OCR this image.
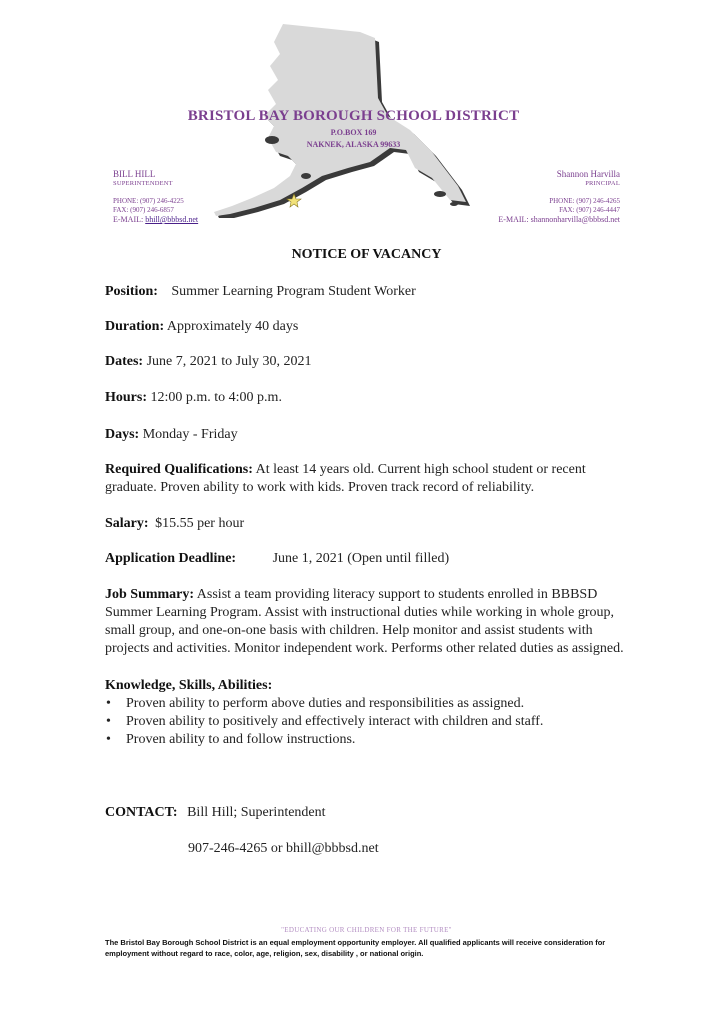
BRISTOL BAY BOROUGH SCHOOL DISTRICT
P.O.BOX 169
NAKNEK, ALASKA 99633
BILL HILL
SUPERINTENDENT
PHONE: (907) 246-4225
FAX: (907) 246-6857
E-MAIL: bhill@bbbsd.net
Shannon Harvilla
PRINCIPAL
PHONE: (907) 246-4265
FAX: (907) 246-4447
E-MAIL: shannonharvilla@bbbsd.net
NOTICE OF VACANCY
Position: Summer Learning Program Student Worker
Duration: Approximately 40 days
Dates: June 7, 2021 to July 30, 2021
Hours: 12:00 p.m. to 4:00 p.m.
Days: Monday - Friday
Required Qualifications: At least 14 years old. Current high school student or recent graduate. Proven ability to work with kids. Proven track record of reliability.
Salary: $15.55 per hour
Application Deadline:	June 1, 2021 (Open until filled)
Job Summary: Assist a team providing literacy support to students enrolled in BBBSD Summer Learning Program. Assist with instructional duties while working in whole group, small group, and one-on-one basis with children. Help monitor and assist students with projects and activities. Monitor independent work. Performs other related duties as assigned.
Knowledge, Skills, Abilities:
• Proven ability to perform above duties and responsibilities as assigned.
• Proven ability to positively and effectively interact with children and staff.
• Proven ability to and follow instructions.
CONTACT: Bill Hill; Superintendent
907-246-4265 or bhill@bbbsd.net
"EDUCATING OUR CHILDREN FOR THE FUTURE"
The Bristol Bay Borough School District is an equal employment opportunity employer. All qualified applicants will receive consideration for employment without regard to race, color, age, religion, sex, disability , or national origin.
